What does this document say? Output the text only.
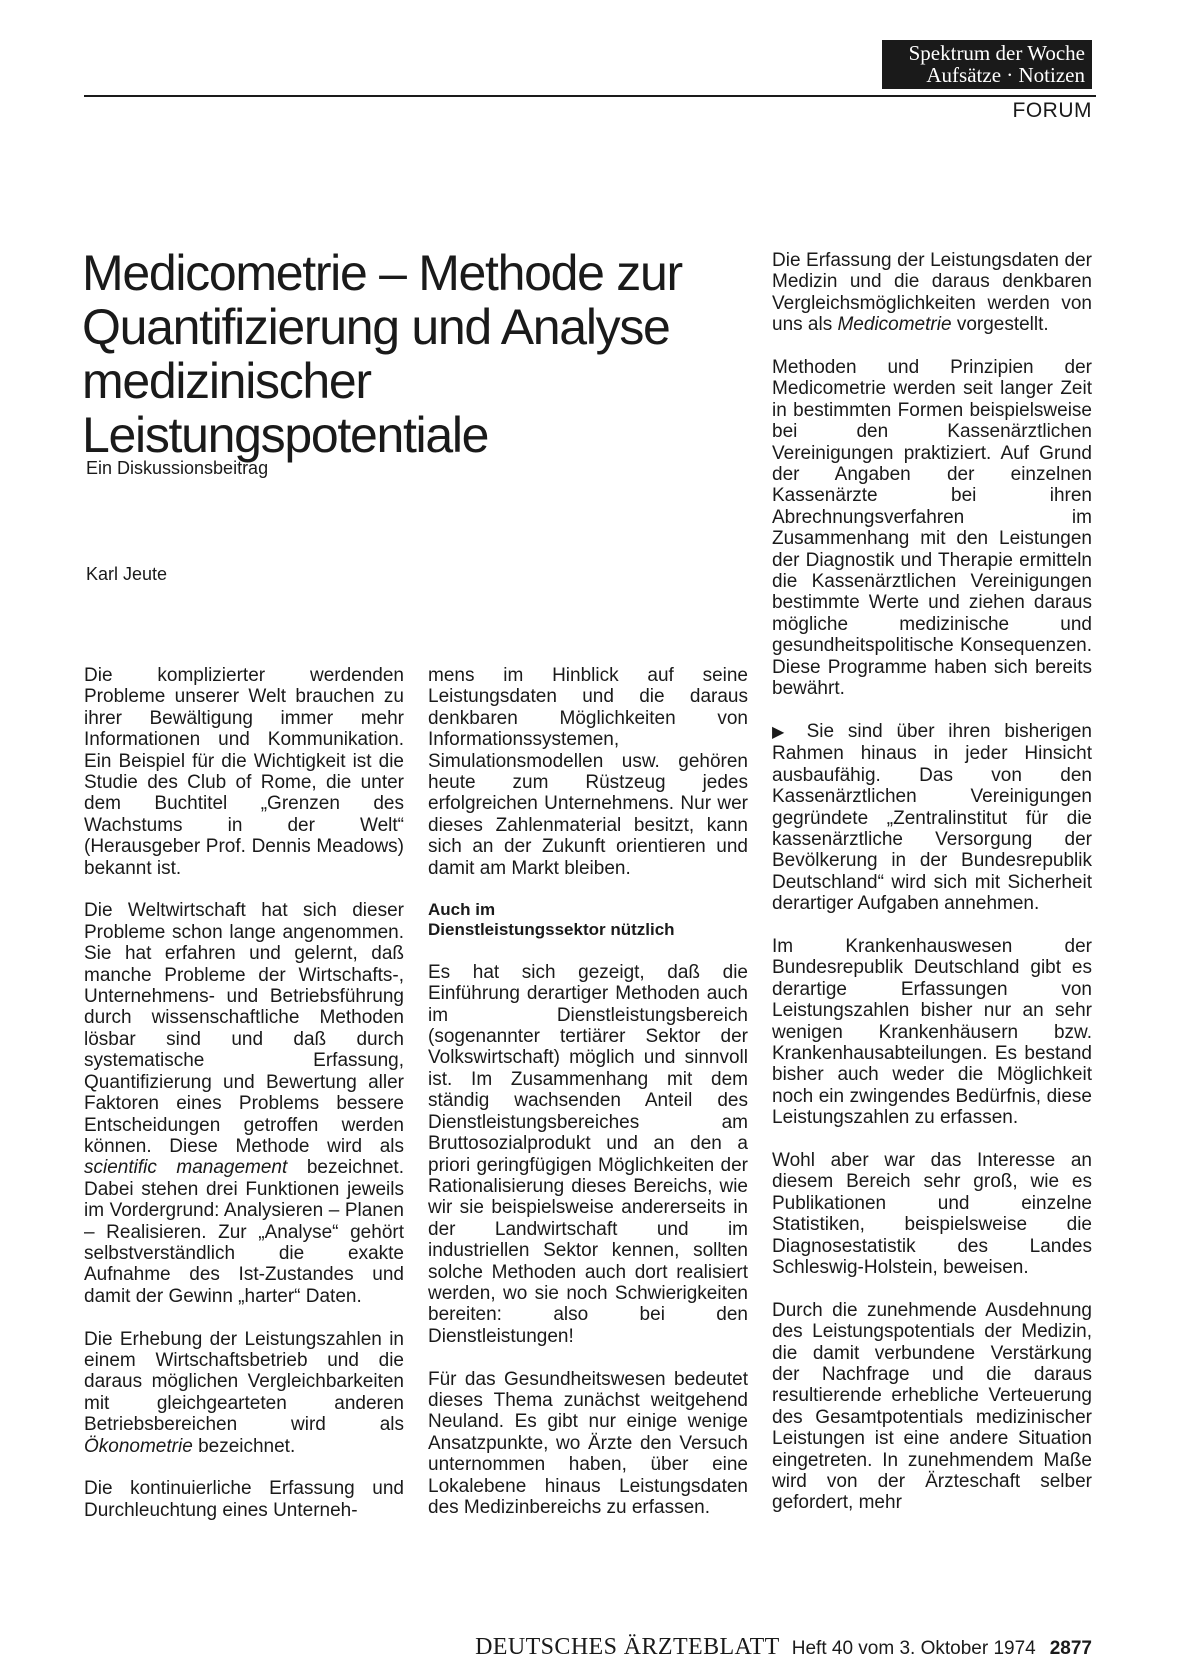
Spektrum der Woche
Aufsätze · Notizen
FORUM
Medicometrie – Methode zur Quantifizierung und Analyse medizinischer Leistungspotentiale
Ein Diskussionsbeitrag
Karl Jeute

Die komplizierter werdenden Probleme unserer Welt brauchen zu ihrer Bewältigung immer mehr Informationen und Kommunikation. Ein Beispiel für die Wichtigkeit ist die Studie des Club of Rome, die unter dem Buchtitel „Grenzen des Wachstums in der Welt“ (Herausgeber Prof. Dennis Meadows) bekannt ist.

Die Weltwirtschaft hat sich dieser Probleme schon lange angenommen. Sie hat erfahren und gelernt, daß manche Probleme der Wirtschafts-, Unternehmens- und Betriebsführung durch wissenschaftliche Methoden lösbar sind und daß durch systematische Erfassung, Quantifizierung und Bewertung aller Faktoren eines Problems bessere Entscheidungen getroffen werden können. Diese Methode wird als scientific management bezeichnet. Dabei stehen drei Funktionen jeweils im Vordergrund: Analysieren – Planen – Realisieren. Zur „Analyse“ gehört selbstverständlich die exakte Aufnahme des Ist-Zustandes und damit der Gewinn „harter“ Daten.

Die Erhebung der Leistungszahlen in einem Wirtschaftsbetrieb und die daraus möglichen Vergleichbarkeiten mit gleichgearteten anderen Betriebsbereichen wird als Ökonometrie bezeichnet.

Die kontinuierliche Erfassung und Durchleuchtung eines Unterneh-

mens im Hinblick auf seine Leistungsdaten und die daraus denkbaren Möglichkeiten von Informationssystemen, Simulationsmodellen usw. gehören heute zum Rüstzeug jedes erfolgreichen Unternehmens. Nur wer dieses Zahlenmaterial besitzt, kann sich an der Zukunft orientieren und damit am Markt bleiben.

Auch im
Dienstleistungssektor nützlich

Es hat sich gezeigt, daß die Einführung derartiger Methoden auch im Dienstleistungsbereich (sogenannter tertiärer Sektor der Volkswirtschaft) möglich und sinnvoll ist. Im Zusammenhang mit dem ständig wachsenden Anteil des Dienstleistungsbereiches am Bruttosozialprodukt und an den a priori geringfügigen Möglichkeiten der Rationalisierung dieses Bereichs, wie wir sie beispielsweise andererseits in der Landwirtschaft und im industriellen Sektor kennen, sollten solche Methoden auch dort realisiert werden, wo sie noch Schwierigkeiten bereiten: also bei den Dienstleistungen!

Für das Gesundheitswesen bedeutet dieses Thema zunächst weitgehend Neuland. Es gibt nur einige wenige Ansatzpunkte, wo Ärzte den Versuch unternommen haben, über eine Lokalebene hinaus Leistungsdaten des Medizinbereichs zu erfassen.

Die Erfassung der Leistungsdaten der Medizin und die daraus denkbaren Vergleichsmöglichkeiten werden von uns als Medicometrie vorgestellt.

Methoden und Prinzipien der Medicometrie werden seit langer Zeit in bestimmten Formen beispielsweise bei den Kassenärztlichen Vereinigungen praktiziert. Auf Grund der Angaben der einzelnen Kassenärzte bei ihren Abrechnungsverfahren im Zusammenhang mit den Leistungen der Diagnostik und Therapie ermitteln die Kassenärztlichen Vereinigungen bestimmte Werte und ziehen daraus mögliche medizinische und gesundheitspolitische Konsequenzen. Diese Programme haben sich bereits bewährt.

▶ Sie sind über ihren bisherigen Rahmen hinaus in jeder Hinsicht ausbaufähig. Das von den Kassenärztlichen Vereinigungen gegründete „Zentralinstitut für die kassenärztliche Versorgung der Bevölkerung in der Bundesrepublik Deutschland“ wird sich mit Sicherheit derartiger Aufgaben annehmen.

Im Krankenhauswesen der Bundesrepublik Deutschland gibt es derartige Erfassungen von Leistungszahlen bisher nur an sehr wenigen Krankenhäusern bzw. Krankenhausabteilungen. Es bestand bisher auch weder die Möglichkeit noch ein zwingendes Bedürfnis, diese Leistungszahlen zu erfassen.

Wohl aber war das Interesse an diesem Bereich sehr groß, wie es Publikationen und einzelne Statistiken, beispielsweise die Diagnosestatistik des Landes Schleswig-Holstein, beweisen.

Durch die zunehmende Ausdehnung des Leistungspotentials der Medizin, die damit verbundene Verstärkung der Nachfrage und die daraus resultierende erhebliche Verteuerung des Gesamtpotentials medizinischer Leistungen ist eine andere Situation eingetreten. In zunehmendem Maße wird von der Ärzteschaft selber gefordert, mehr

DEUTSCHES ÄRZTEBLATT Heft 40 vom 3. Oktober 1974 2877
